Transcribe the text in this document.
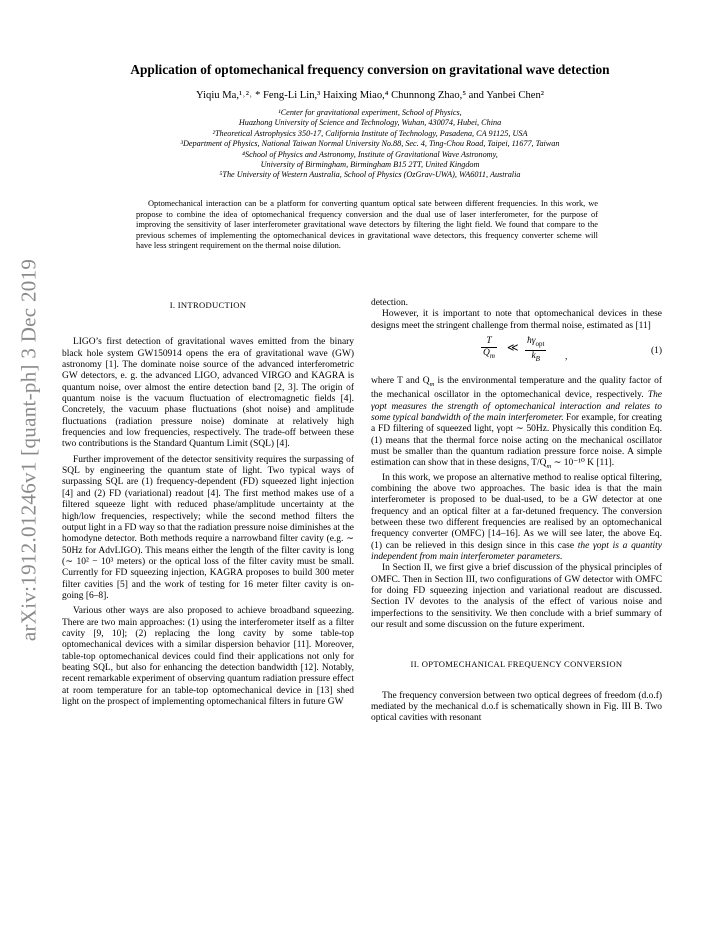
arXiv:1912.01246v1 [quant-ph] 3 Dec 2019
Application of optomechanical frequency conversion on gravitational wave detection
Yiqiu Ma,¹˒²˒ * Feng-Li Lin,³ Haixing Miao,⁴ Chunnong Zhao,⁵ and Yanbei Chen²
¹Center for gravitational experiment, School of Physics,
Huazhong University of Science and Technology, Wuhan, 430074, Hubei, China
²Theoretical Astrophysics 350-17, California Institute of Technology, Pasadena, CA 91125, USA
³Department of Physics, National Taiwan Normal University No.88, Sec. 4, Ting-Chou Road, Taipei, 11677, Taiwan
⁴School of Physics and Astronomy, Institute of Gravitational Wave Astronomy,
University of Birmingham, Birmingham B15 2TT, United Kingdom
⁵The University of Western Australia, School of Physics (OzGrav-UWA), WA6011, Australia
Optomechanical interaction can be a platform for converting quantum optical sate between different frequencies. In this work, we propose to combine the idea of optomechanical frequency conversion and the dual use of laser interferometer, for the purpose of improving the sensitivity of laser interferometer gravitational wave detectors by filtering the light field. We found that compare to the previous schemes of implementing the optomechanical devices in gravitational wave detectors, this frequency converter scheme will have less stringent requirement on the thermal noise dilution.

I. INTRODUCTION

LIGO’s first detection of gravitational waves emitted from the binary black hole system GW150914 opens the era of gravitational wave (GW) astronomy [1]. The dominate noise source of the advanced interferometric GW detectors, e. g. the advanced LIGO, advanced VIRGO and KAGRA is quantum noise, over almost the entire detection band [2, 3]. The origin of quantum noise is the vacuum fluctuation of electromagnetic fields [4]. Concretely, the vacuum phase fluctuations (shot noise) and amplitude fluctuations (radiation pressure noise) dominate at relatively high frequencies and low frequencies, respectively. The trade-off between these two contributions is the Standard Quantum Limit (SQL) [4].

Further improvement of the detector sensitivity requires the surpassing of SQL by engineering the quantum state of light. Two typical ways of surpassing SQL are (1) frequency-dependent (FD) squeezed light injection [4] and (2) FD (variational) readout [4]. The first method makes use of a filtered squeeze light with reduced phase/amplitude uncertainty at the high/low frequencies, respectively; while the second method filters the output light in a FD way so that the radiation pressure noise diminishes at the homodyne detector. Both methods require a narrowband filter cavity (e.g. ∼ 50Hz for AdvLIGO). This means either the length of the filter cavity is long (∼ 10² − 10³ meters) or the optical loss of the filter cavity must be small. Currently for FD squeezing injection, KAGRA proposes to build 300 meter filter cavities [5] and the work of testing for 16 meter filter cavity is on-going [6–8].

Various other ways are also proposed to achieve broadband squeezing. There are two main approaches: (1) using the interferometer itself as a filter cavity [9, 10]; (2) replacing the long cavity by some table-top optomechanical devices with a similar dispersion behavior [11]. Moreover, table-top optomechanical devices could find their applications not only for beating SQL, but also for enhancing the detection bandwidth [12]. Notably, recent remarkable experiment of observing quantum radiation pressure effect at room temperature for an table-top optomechanical device in [13] shed light on the prospect of implementing optomechanical filters in future GW

detection.

However, it is important to note that optomechanical devices in these designs meet the stringent challenge from thermal noise, estimated as [11]

$\frac{T}{Q_m}$ ≪
$ħ\gamma_{opt}$
$k_B$	,
(1)

where T and $Q_m$ is the environmental temperature and the quality factor of the mechanical oscillator in the optomechanical device, respectively. The γopt measures the strength of optomechanical interaction and relates to some typical bandwidth of the main interferometer. For example, for creating a FD filtering of squeezed light, γopt ∼ 50Hz. Physically this condition Eq. (1) means that the thermal force noise acting on the mechanical oscillator must be smaller than the quantum radiation pressure force noise. A simple estimation can show that in these designs, $T/Q_m$ ∼ 10⁻¹⁰ K [11].

In this work, we propose an alternative method to realise optical filtering, combining the above two approaches. The basic idea is that the main interferometer is proposed to be dual-used, to be a GW detector at one frequency and an optical filter at a far-detuned frequency. The conversion between these two different frequencies are realised by an optomechanical frequency converter (OMFC) [14–16]. As we will see later, the above Eq. (1) can be relieved in this design since in this case the γopt is a quantity independent from main interferometer parameters.

In Section II, we first give a brief discussion of the physical principles of OMFC. Then in Section III, two configurations of GW detector with OMFC for doing FD squeezing injection and variational readout are discussed. Section IV devotes to the analysis of the effect of various noise and imperfections to the sensitivity. We then conclude with a brief summary of our result and some discussion on the future experiment.

II. OPTOMECHANICAL FREQUENCY CONVERSION

The frequency conversion between two optical degrees of freedom (d.o.f) mediated by the mechanical d.o.f is schematically shown in Fig. III B. Two optical cavities with resonant
